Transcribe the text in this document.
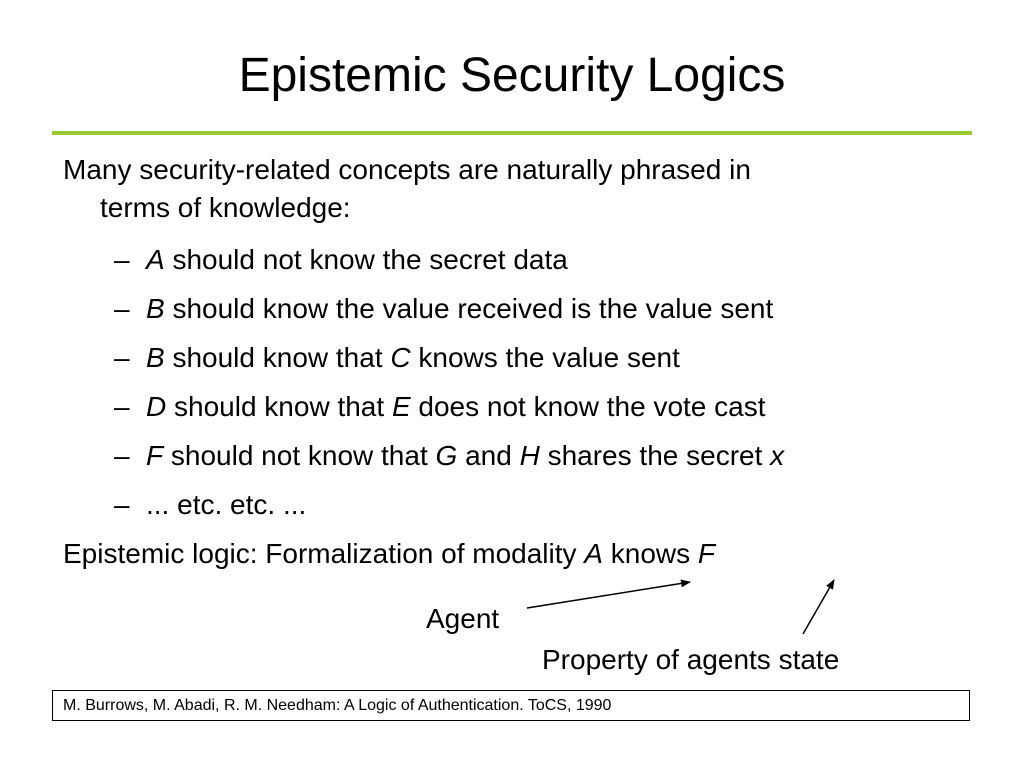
Epistemic Security Logics
Many security-related concepts are naturally phrased in
terms of knowledge:
– A should not know the secret data
– B should know the value received is the value sent
– B should know that C knows the value sent
– D should know that E does not know the vote cast
– F should not know that G and H shares the secret x
– ... etc. etc. ...
Epistemic logic: Formalization of modality A knows F
Agent
Property of agents state
M. Burrows, M. Abadi, R. M. Needham: A Logic of Authentication. ToCS, 1990
